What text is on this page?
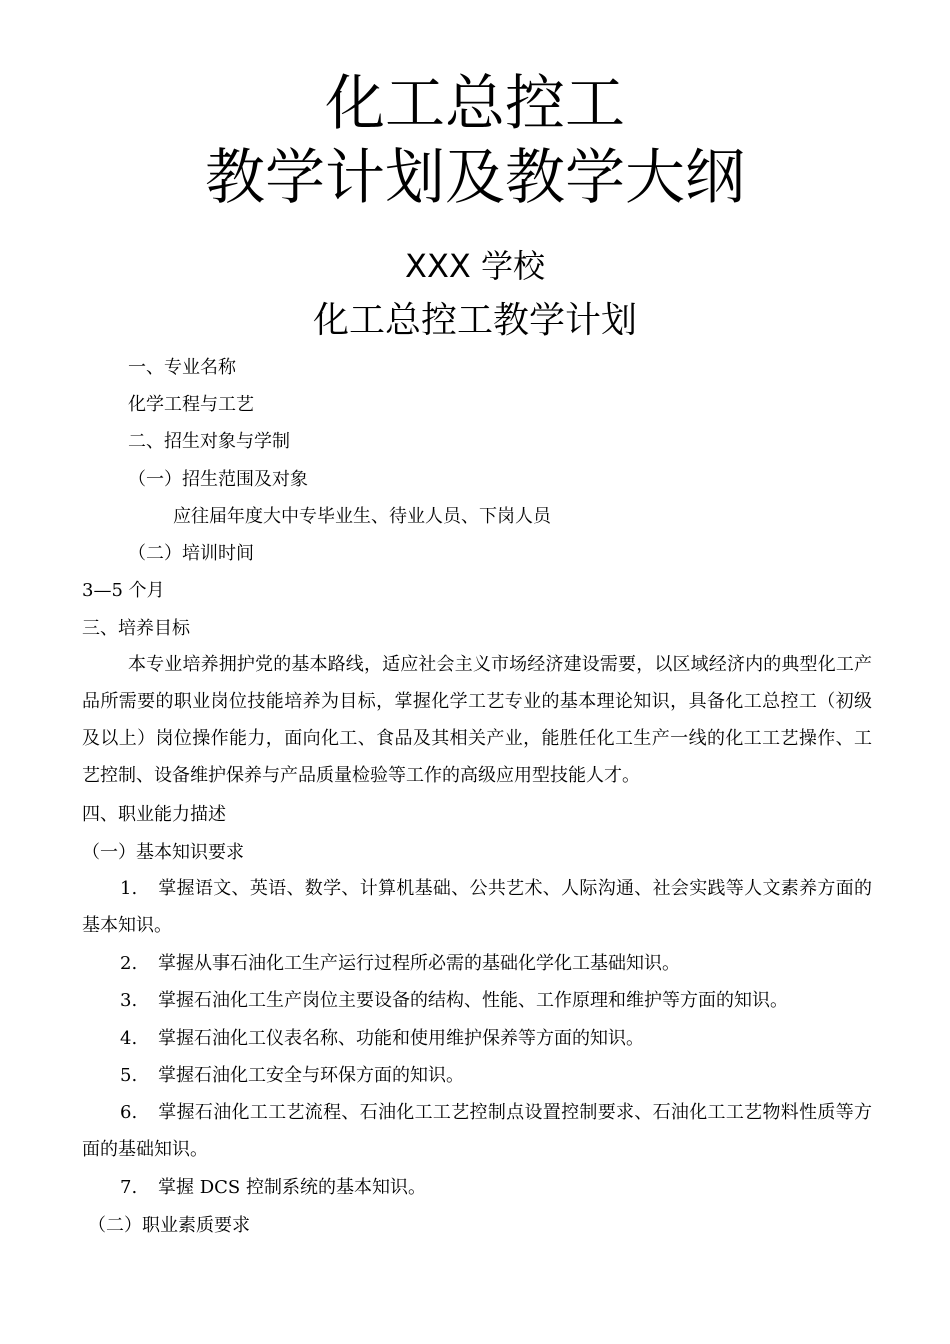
化工总控工
教学计划及教学大纲
XXX 学校
化工总控工教学计划
一、专业名称
化学工程与工艺
二、招生对象与学制
（一）招生范围及对象
应往届年度大中专毕业生、待业人员、下岗人员
（二）培训时间
3—5 个月
三、培养目标
本专业培养拥护党的基本路线，适应社会主义市场经济建设需要，以区域经济内的典型化工产品所需要的职业岗位技能培养为目标，掌握化学工艺专业的基本理论知识，具备化工总控工（初级及以上）岗位操作能力，面向化工、食品及其相关产业，能胜任化工生产一线的化工工艺操作、工艺控制、设备维护保养与产品质量检验等工作的高级应用型技能人才。
四、职业能力描述
（一）基本知识要求
1. 掌握语文、英语、数学、计算机基础、公共艺术、人际沟通、社会实践等人文素养方面的基本知识。
2. 掌握从事石油化工生产运行过程所必需的基础化学化工基础知识。
3. 掌握石油化工生产岗位主要设备的结构、性能、工作原理和维护等方面的知识。
4. 掌握石油化工仪表名称、功能和使用维护保养等方面的知识。
5. 掌握石油化工安全与环保方面的知识。
6. 掌握石油化工工艺流程、石油化工工艺控制点设置控制要求、石油化工工艺物料性质等方面的基础知识。
7. 掌握 DCS 控制系统的基本知识。
（二）职业素质要求
